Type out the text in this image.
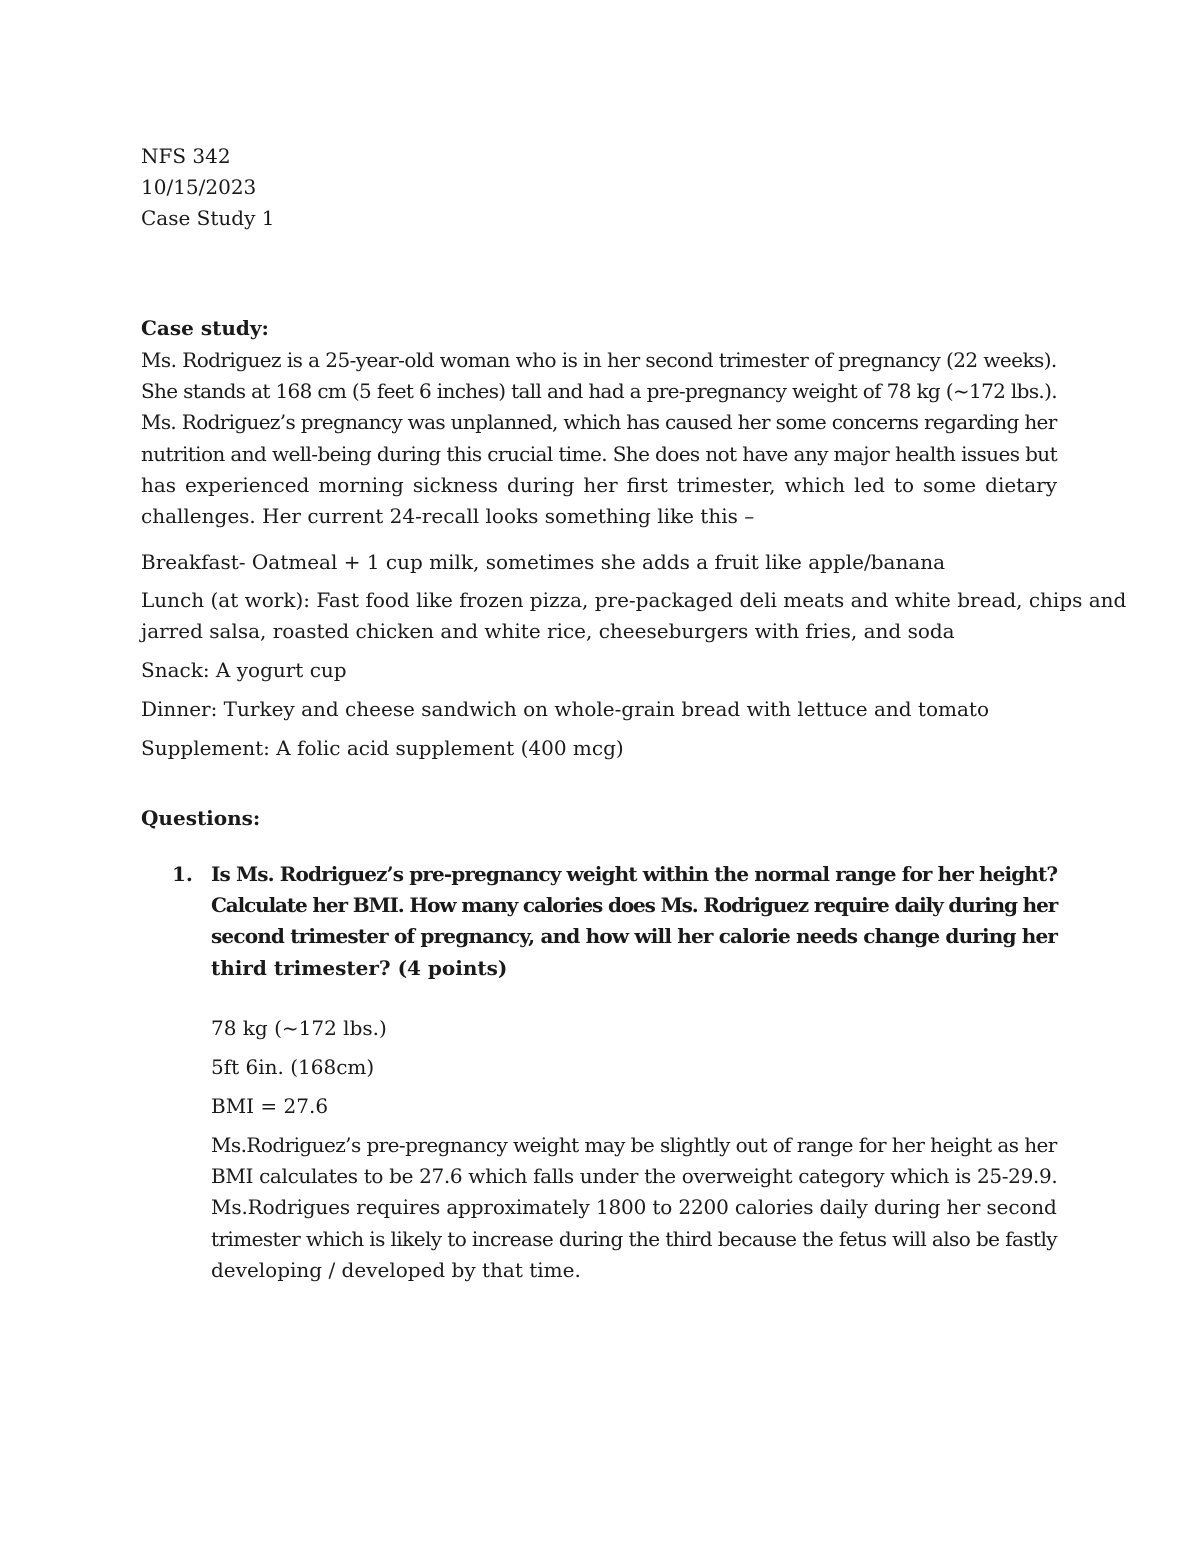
NFS 342
10/15/2023
Case Study 1
Case study:
Ms. Rodriguez is a 25-year-old woman who is in her second trimester of pregnancy (22 weeks).
She stands at 168 cm (5 feet 6 inches) tall and had a pre-pregnancy weight of 78 kg (~172 lbs.).
Ms. Rodriguez’s pregnancy was unplanned, which has caused her some concerns regarding her
nutrition and well-being during this crucial time. She does not have any major health issues but
has experienced morning sickness during her first trimester, which led to some dietary
challenges. Her current 24-recall looks something like this –
Breakfast- Oatmeal + 1 cup milk, sometimes she adds a fruit like apple/banana
Lunch (at work): Fast food like frozen pizza, pre-packaged deli meats and white bread, chips and
jarred salsa, roasted chicken and white rice, cheeseburgers with fries, and soda
Snack: A yogurt cup
Dinner: Turkey and cheese sandwich on whole-grain bread with lettuce and tomato
Supplement: A folic acid supplement (400 mcg)
Questions:
1. Is Ms. Rodriguez’s pre-pregnancy weight within the normal range for her height?
Calculate her BMI. How many calories does Ms. Rodriguez require daily during her
second trimester of pregnancy, and how will her calorie needs change during her
third trimester? (4 points)
78 kg (~172 lbs.)
5ft 6in. (168cm)
BMI = 27.6
Ms.Rodriguez’s pre-pregnancy weight may be slightly out of range for her height as her
BMI calculates to be 27.6 which falls under the overweight category which is 25-29.9.
Ms.Rodrigues requires approximately 1800 to 2200 calories daily during her second
trimester which is likely to increase during the third because the fetus will also be fastly
developing / developed by that time.
